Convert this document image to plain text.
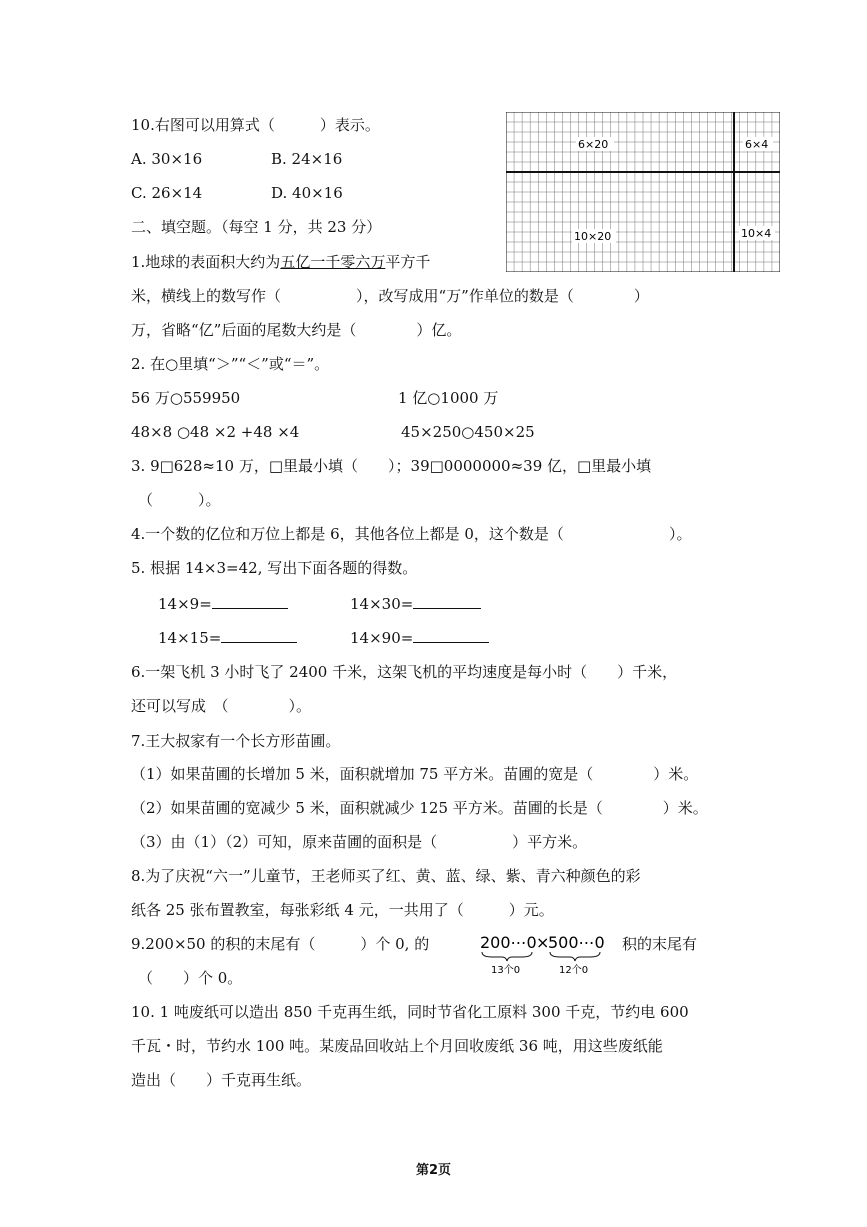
10.右图可以用算式（　　　）表示。
A. 30×16	B. 24×16
C. 26×14	D. 40×16
6×20	6×4
10×20	10×4
二、填空题。（每空 1 分，共 23 分）
1.地球的表面积大约为五亿一千零六万平方千
米，横线上的数写作（　　　　　），改写成用“万”作单位的数是（　　　　）
万，省略“亿”后面的尾数大约是（　　　　）亿。
2. 在○里填“＞”“＜”或“＝”。
56 万○559950	1 亿○1000 万
48×8 ○48 ×2 +48 ×4	45×250○450×25
3. 9□628≈10 万，□里最小填（　　）；39□0000000≈39 亿，□里最小填
（　　　）。
4.一个数的亿位和万位上都是 6，其他各位上都是 0，这个数是（　　　　　　　）。
5. 根据 14×3=42, 写出下面各题的得数。
14×9=	14×30=
14×15=	14×90=
6.一架飞机 3 小时飞了 2400 千米，这架飞机的平均速度是每小时（　　）千米，
还可以写成　（　　　　）。
7.王大叔家有一个长方形苗圃。
（1）如果苗圃的长增加 5 米，面积就增加 75 平方米。苗圃的宽是（　　　　）米。
（2）如果苗圃的宽减少 5 米，面积就减少 125 平方米。苗圃的长是（　　　　）米。
（3）由（1）（2）可知，原来苗圃的面积是（　　　　　）平方米。
8.为了庆祝“六一”儿童节，王老师买了红、黄、蓝、绿、紫、青六种颜色的彩
纸各 25 张布置教室，每张彩纸 4 元，一共用了（　　　）元。
9.200×50 的积的末尾有（　　　）个 0, 的	积的末尾有
（　　）个 0。
200⋯0 ×
500⋯0
13个0	12个0
10. 1 吨废纸可以造出 850 千克再生纸，同时节省化工原料 300 千克，节约电 600
千瓦・时，节约水 100 吨。某废品回收站上个月回收废纸 36 吨，用这些废纸能
造出（　　）千克再生纸。
第2页
